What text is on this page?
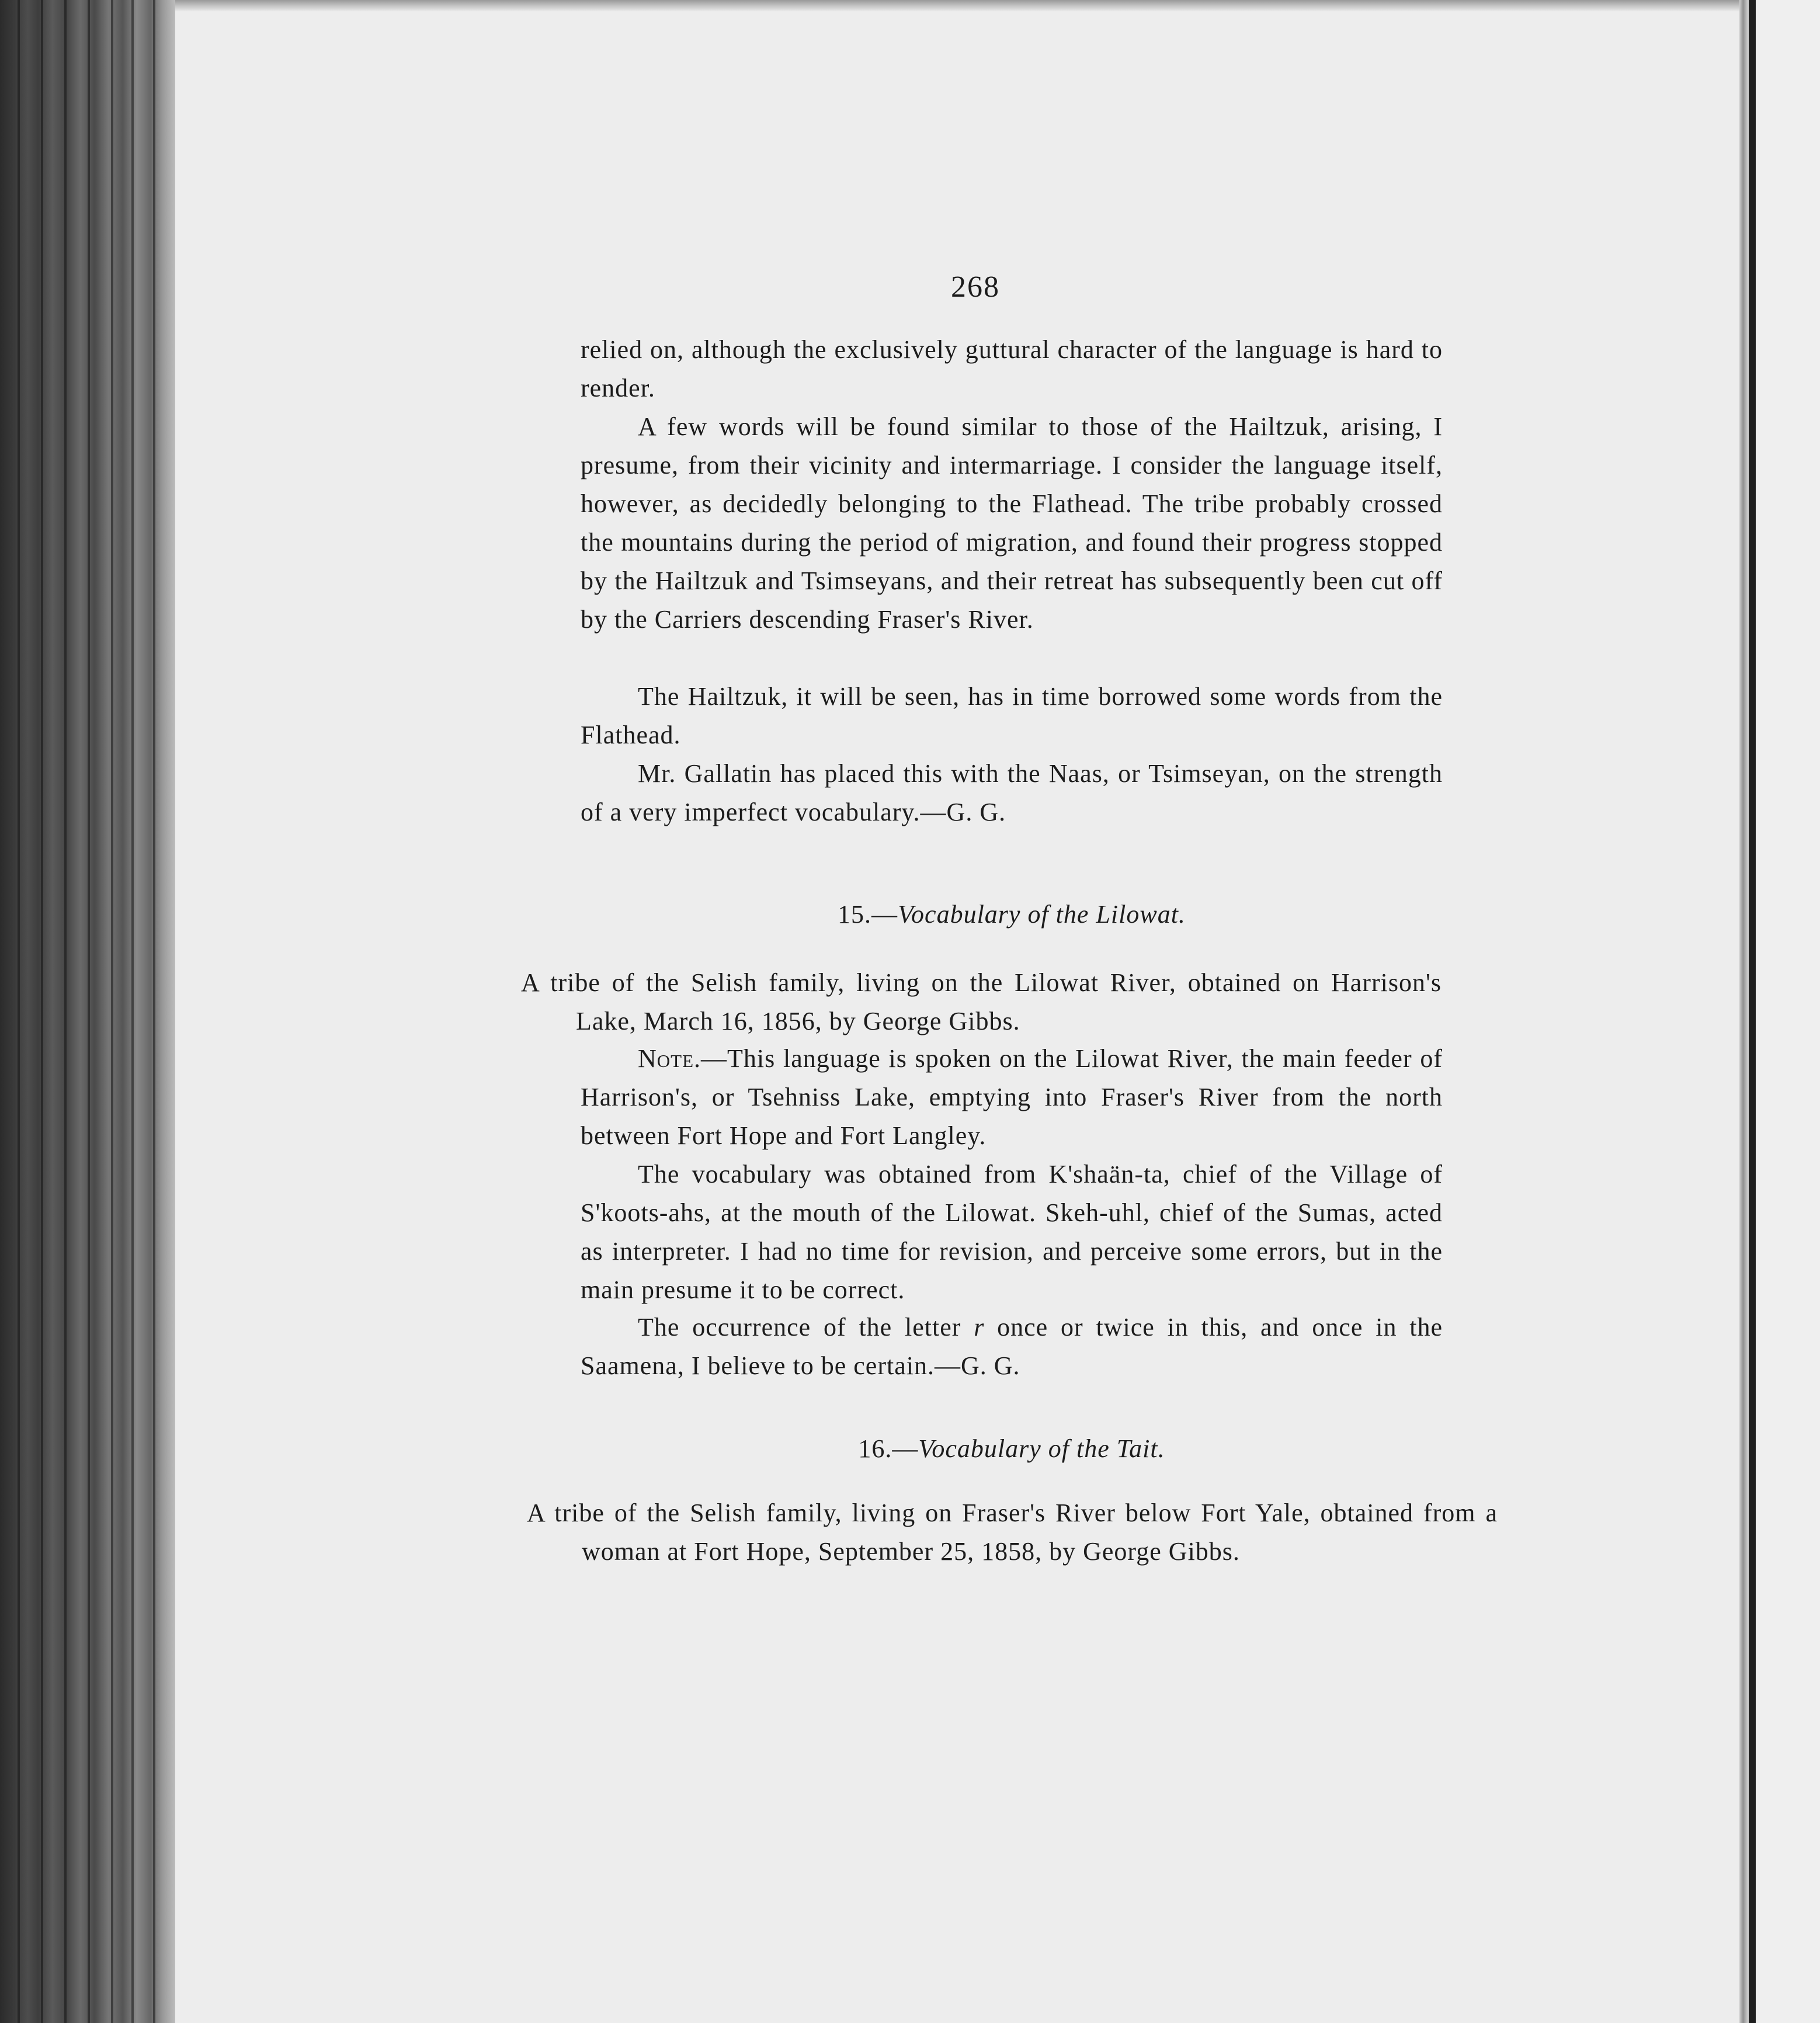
268

relied on, although the exclusively guttural character of the language is hard to render.

A few words will be found similar to those of the Hailtzuk, arising, I presume, from their vicinity and intermarriage. I consider the language itself, however, as decidedly belonging to the Flathead. The tribe probably crossed the mountains during the period of migration, and found their progress stopped by the Hailtzuk and Tsimseyans, and their retreat has subsequently been cut off by the Carriers descending Fraser's River.

The Hailtzuk, it will be seen, has in time borrowed some words from the Flathead.

Mr. Gallatin has placed this with the Naas, or Tsimseyan, on the strength of a very imperfect vocabulary.—G. G.

15.—Vocabulary of the Lilowat.

A tribe of the Selish family, living on the Lilowat River, obtained on Harrison's Lake, March 16, 1856, by George Gibbs.

Note.—This language is spoken on the Lilowat River, the main feeder of Harrison's, or Tsehniss Lake, emptying into Fraser's River from the north between Fort Hope and Fort Langley.

The vocabulary was obtained from K'shaän-ta, chief of the Village of S'koots-ahs, at the mouth of the Lilowat. Skeh-uhl, chief of the Sumas, acted as interpreter. I had no time for revision, and perceive some errors, but in the main presume it to be correct.

The occurrence of the letter r once or twice in this, and once in the Saamena, I believe to be certain.—G. G.

16.—Vocabulary of the Tait.

A tribe of the Selish family, living on Fraser's River below Fort Yale, obtained from a woman at Fort Hope, September 25, 1858, by George Gibbs.
